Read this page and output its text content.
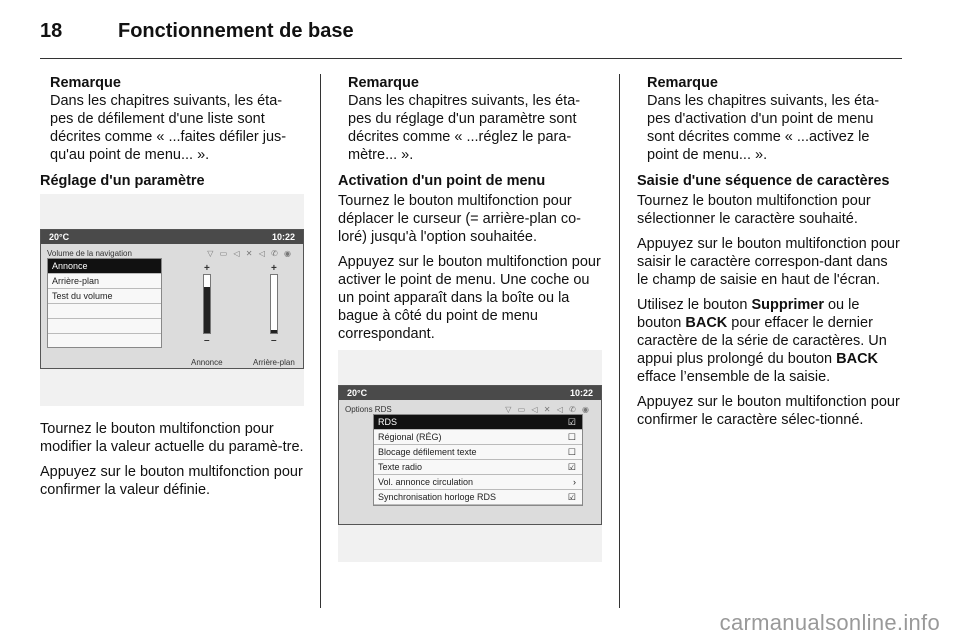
18	Fonctionnement de base
Remarque
Dans les chapitres suivants, les éta-pes de défilement d'une liste sont décrites comme « ...faites défiler jus-qu'au point de menu... ».
Réglage d'un paramètre
20°C	10:22
Volume de la navigation	▽ ▭ ◁ ✕ ◁ ✆ ◉
Annonce
Arrière-plan
Test du volume
+
–
+
–
Annonce	Arrière-plan

Tournez le bouton multifonction pour modifier la valeur actuelle du paramè-tre.

Appuyez sur le bouton multifonction pour confirmer la valeur définie.

Remarque
Dans les chapitres suivants, les éta-pes du réglage d'un paramètre sont décrites comme « ...réglez le para-mètre... ».
Activation d'un point de menu

Tournez le bouton multifonction pour déplacer le curseur (= arrière-plan co-loré) jusqu'à l'option souhaitée.

Appuyez sur le bouton multifonction pour activer le point de menu. Une coche ou un point apparaît dans la boîte ou la bague à côté du point de menu correspondant.

20°C	10:22
Options RDS	▽ ▭ ◁ ✕ ◁ ✆ ◉
RDS	☑
Régional (RÉG)	☐
Blocage défilement texte	☐
Texte radio	☑
Vol. annonce circulation	›
Synchronisation horloge RDS	☑
Remarque
Dans les chapitres suivants, les éta-pes d'activation d'un point de menu sont décrites comme « ...activez le point de menu... ».
Saisie d'une séquence de caractères

Tournez le bouton multifonction pour sélectionner le caractère souhaité.

Appuyez sur le bouton multifonction pour saisir le caractère correspon-dant dans le champ de saisie en haut de l'écran.

Utilisez le bouton Supprimer ou le bouton BACK pour effacer le dernier caractère de la série de caractères. Un appui plus prolongé du bouton BACK efface l’ensemble de la saisie.

Appuyez sur le bouton multifonction pour confirmer le caractère sélec-tionné.

carmanualsonline.info
